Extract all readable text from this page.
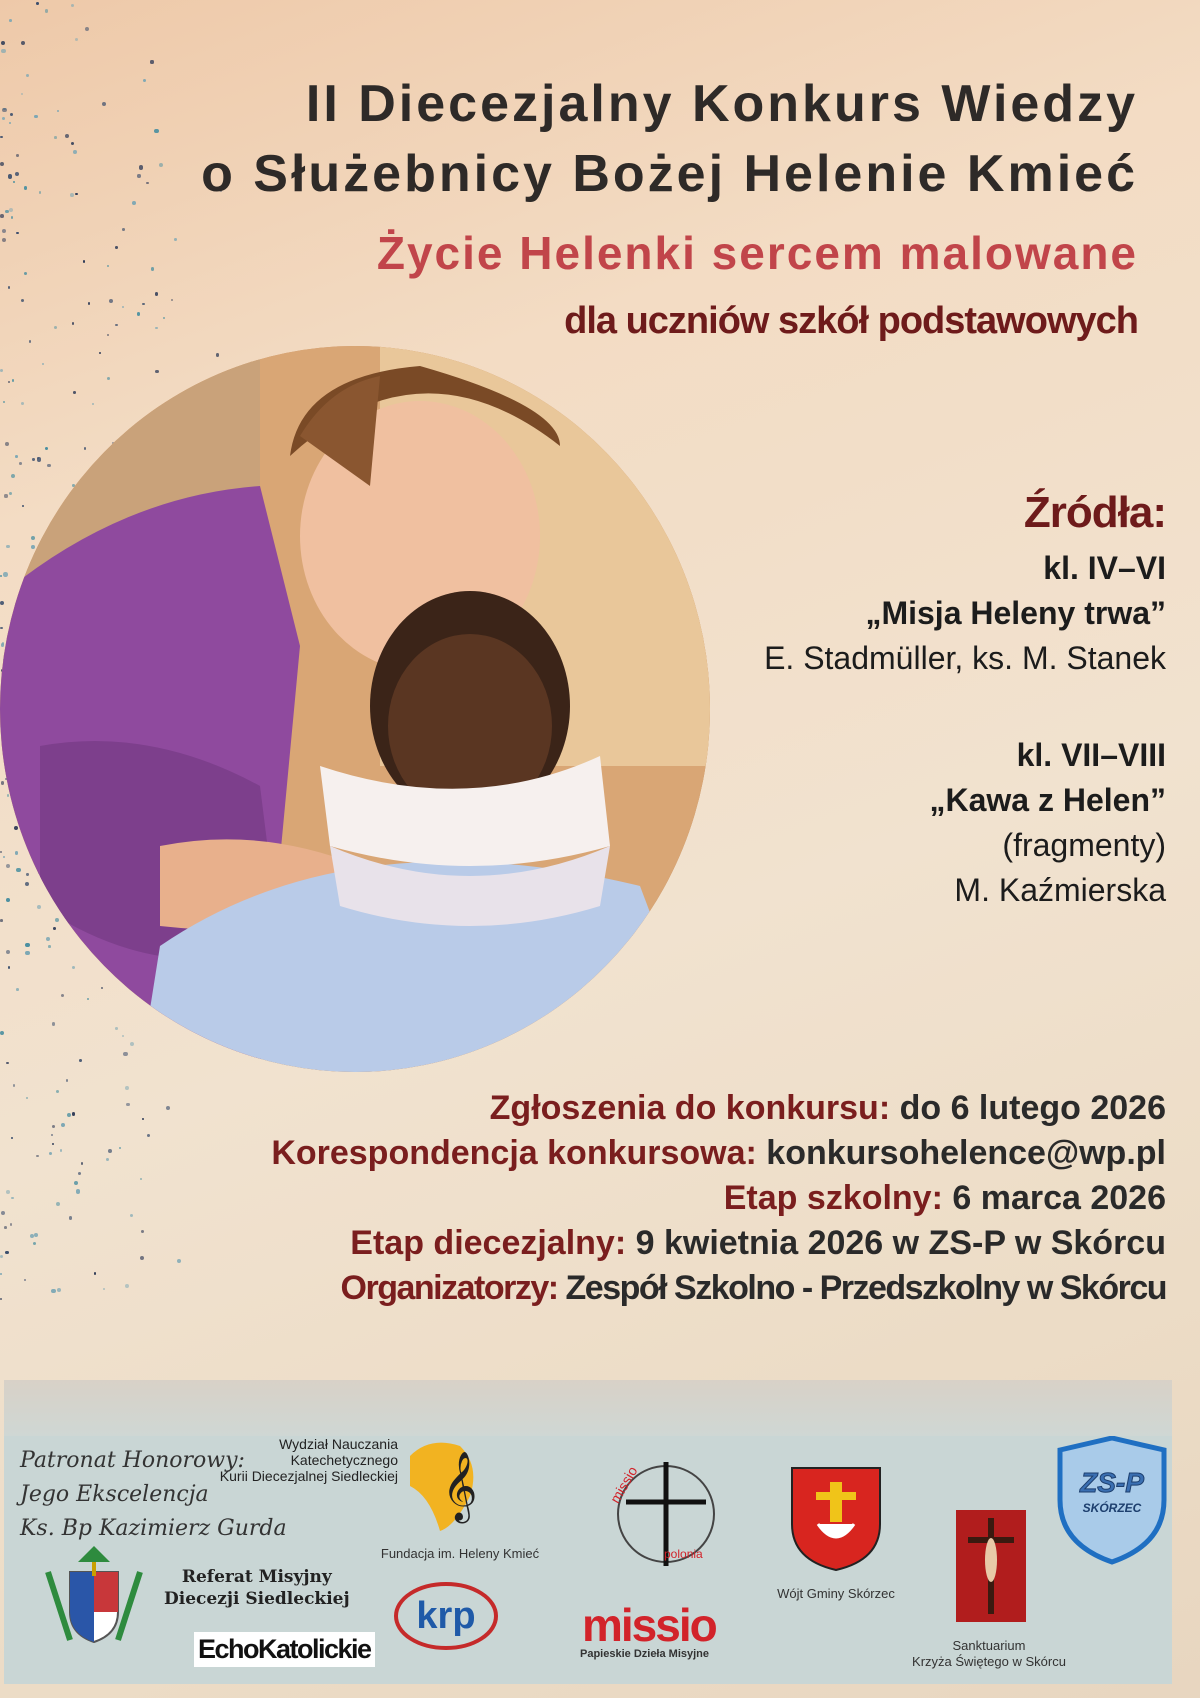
II Diecezjalny Konkurs Wiedzy
o Służebnicy Bożej Helenie Kmieć
Życie Helenki sercem malowane
dla uczniów szkół podstawowych
Źródła:
kl. IV–VI
„Misja Heleny trwa”
E. Stadmüller, ks. M. Stanek
kl. VII–VIII
„Kawa z Helen”
(fragmenty)
M. Kaźmierska
Zgłoszenia do konkursu: do 6 lutego 2026
Korespondencja konkursowa: konkursohelence@wp.pl
Etap szkolny: 6 marca 2026
Etap diecezjalny: 9 kwietnia 2026 w ZS-P w Skórcu
Organizatorzy: Zespół Szkolno - Przedszkolny w Skórcu
Patronat Honorowy:
Jego Ekscelencja
Ks. Bp Kazimierz Gurda
Wydział Nauczania
Katechetycznego
Kurii Diecezjalnej Siedleckiej
Referat Misyjny
Diecezji Siedleckiej
EchoKatolickie
𝄞
Fundacja im. Heleny Kmieć
krp
missio
polonia
missio
Papieskie Dzieła Misyjne
Wójt Gminy Skórzec
Sanktuarium
Krzyża Świętego w Skórcu
ZS-P
SKÓRZEC
